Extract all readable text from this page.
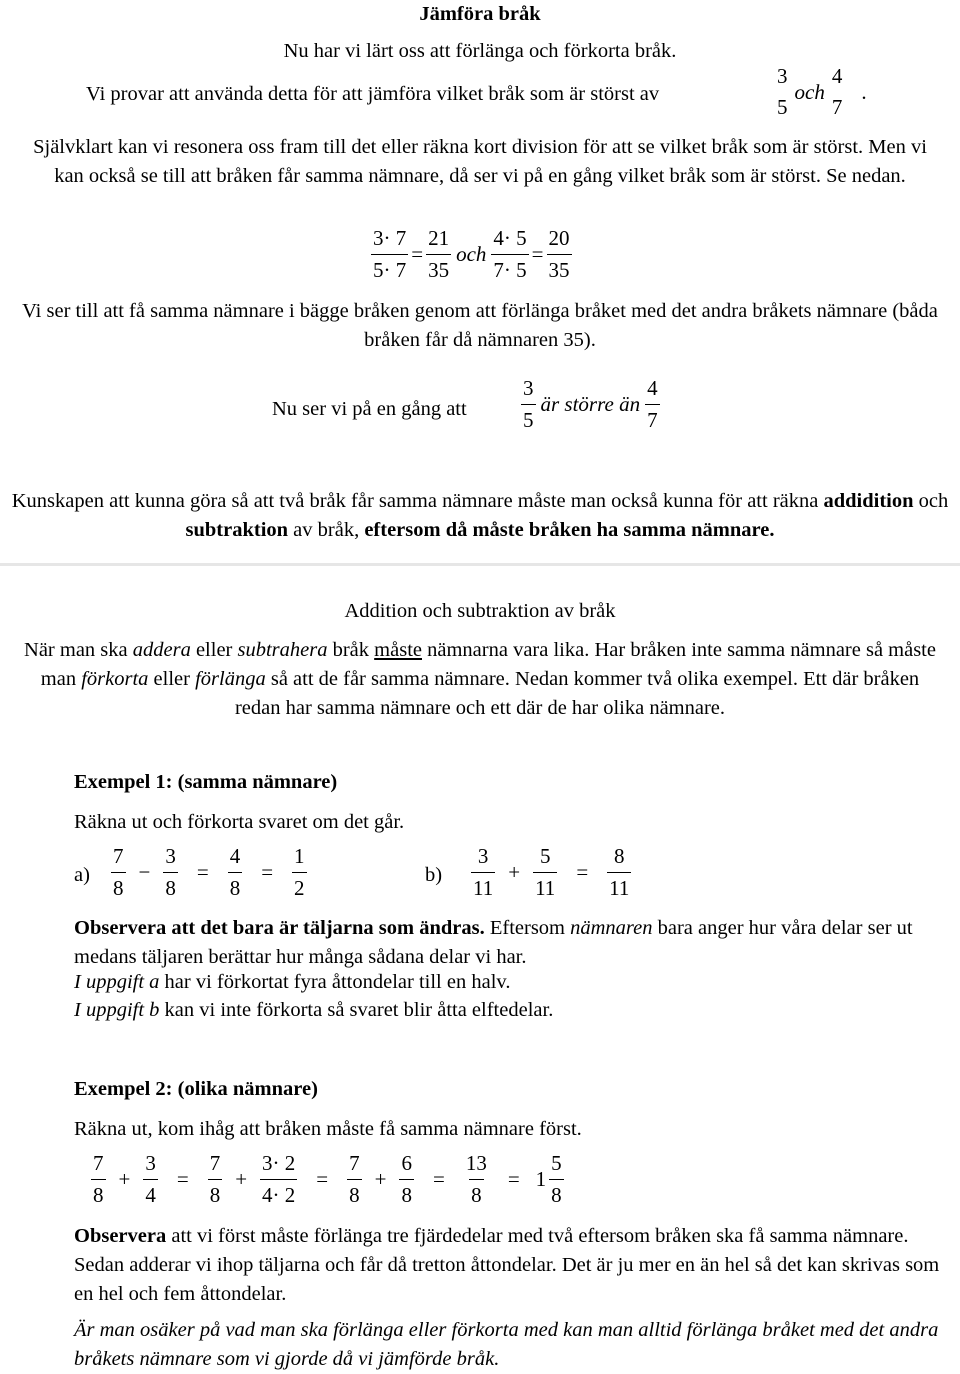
Jämföra bråk
Nu har vi lärt oss att förlänga och förkorta bråk.
Vi provar att använda detta för att jämföra vilket bråk som är störst av
3
5
och
4
7
.
Självklart kan vi resonera oss fram till det eller räkna kort division för att se vilket bråk som är störst. Men vi kan också se till att bråken får samma nämnare, då ser vi på en gång vilket bråk som är störst. Se nedan.
$\frac{3\cdot 7}{5\cdot 7} = \frac{21}{35}$ och $\frac{4\cdot 5}{7\cdot 5} = \frac{20}{35}$
Vi ser till att få samma nämnare i bägge bråken genom att förlänga bråket med det andra bråkets nämnare (båda bråken får då nämnaren 35).
Nu ser vi på en gång att	$\frac{3}{5}$ är större än $\frac{4}{7}$
Kunskapen att kunna göra så att två bråk får samma nämnare måste man också kunna för att räkna addidition och subtraktion av bråk, eftersom då måste bråken ha samma nämnare.
Addition och subtraktion av bråk
När man ska addera eller subtrahera bråk måste nämnarna vara lika. Har bråken inte samma nämnare så måste man förkorta eller förlänga så att de får samma nämnare. Nedan kommer två olika exempel. Ett där bråken redan har samma nämnare och ett där de har olika nämnare.
Exempel 1: (samma nämnare)
Räkna ut och förkorta svaret om det går.
$a) \frac{7}{8} - \frac{3}{8} = \frac{4}{8} = \frac{1}{2}$	$b) \frac{3}{11} + \frac{5}{11} = \frac{8}{11}$
Observera att det bara är täljarna som ändras. Eftersom nämnaren bara anger hur våra delar ser ut medans täljaren berättar hur många sådana delar vi har.
I uppgift a har vi förkortat fyra åttondelar till en halv.
I uppgift b kan vi inte förkorta så svaret blir åtta elftedelar.
Exempel 2: (olika nämnare)
Räkna ut, kom ihåg att bråken måste få samma nämnare först.
$\frac{7}{8} + \frac{3}{4} = \frac{7}{8} + \frac{3\cdot 2}{4\cdot 2} = \frac{7}{8} + \frac{6}{8} = \frac{13}{8} = 1 \frac{5}{8}$
Observera att vi först måste förlänga tre fjärdedelar med två eftersom bråken ska få samma nämnare. Sedan adderar vi ihop täljarna och får då tretton åttondelar. Det är ju mer en än hel så det kan skrivas som en hel och fem åttondelar.
Är man osäker på vad man ska förlänga eller förkorta med kan man alltid förlänga bråket med det andra bråkets nämnare som vi gjorde då vi jämförde bråk.
